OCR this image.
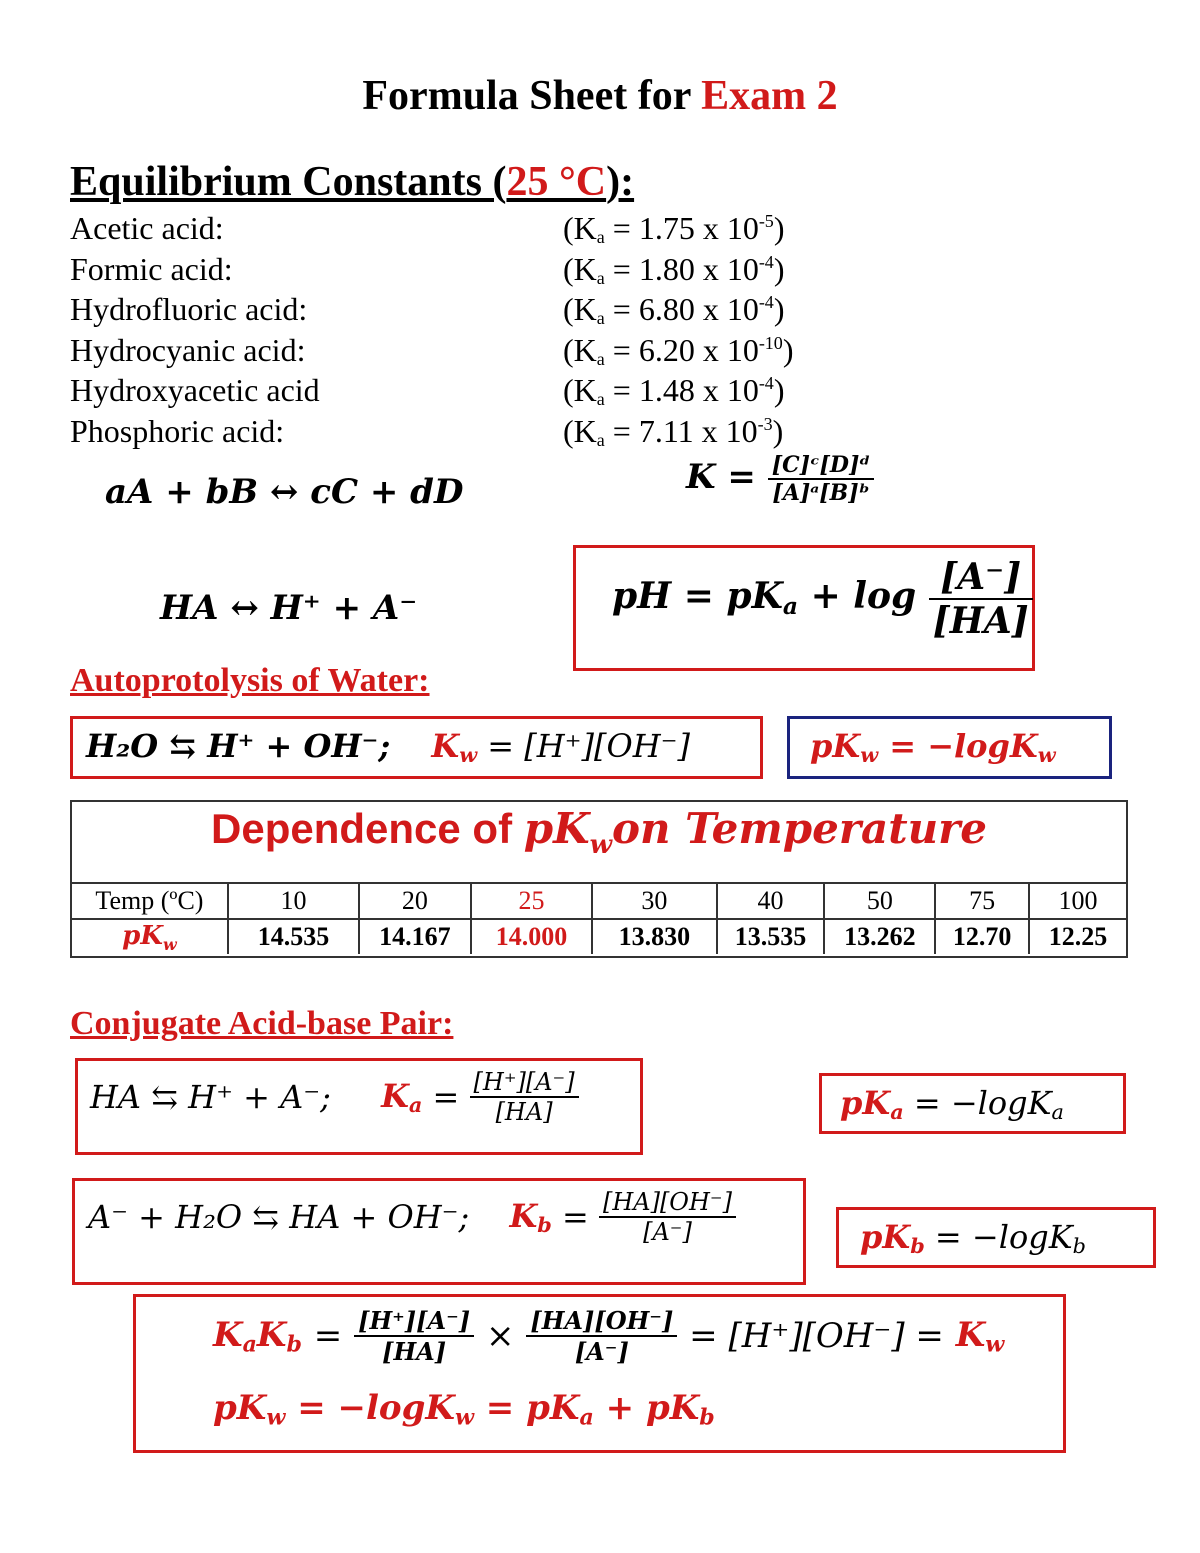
Formula Sheet for Exam 2
Equilibrium Constants (25 °C):
Acetic acid:	($K_a = 1.75$ x $10^{-5}$)
Formic acid:	($K_a = 1.80$ x $10^{-4}$)
Hydrofluoric acid:	($K_a = 6.80$ x $10^{-4}$)
Hydrocyanic acid:	($K_a = 6.20$ x $10^{-10}$)
Hydroxyacetic acid	($K_a = 1.48$ x $10^{-4}$)
Phosphoric acid:	($K_a = 7.11$ x $10^{-3}$)
aA + bB ↔ cC + dD	$K = \frac{\text{[C]ᶜ[D]ᵈ}}{\text{[A]ᵃ[B]ᵇ}}$
HA ↔ H⁺ + A⁻	pH = $pK_a + \log \frac{[A^-]}{[HA]}$
Autoprotolysis of Water:
H₂O ⇆ H⁺ + OH⁻; $K_w = [H^+][OH^-]$	$pK_w = -\log K_w$
Dependence of $pK_won$ Temperature
Temp (ºC)	10	20	25	30	40	50	75	100
$pK_w$	14.535	14.167	14.000	13.830	13.535	13.262	12.70	12.25
Conjugate Acid-base Pair:
HA ⇆ H⁺ + A⁻; $K_a = \frac{[H^+][A^-]}{[HA]}$	$pK_a = -\log K_a$
A⁻ + H₂O ⇆ HA + OH⁻; $K_b = \frac{[HA][OH^-]}{[A^-]}$	$pK_b = -\log K_b$
$K_aK_b = \frac{[H^+][A^-]}{[HA]} \times \frac{[HA][OH^-]}{[A^-]} = [H^+][OH^-] = K_w$
$pK_w = -\log K_w = pK_a + pK_b$
